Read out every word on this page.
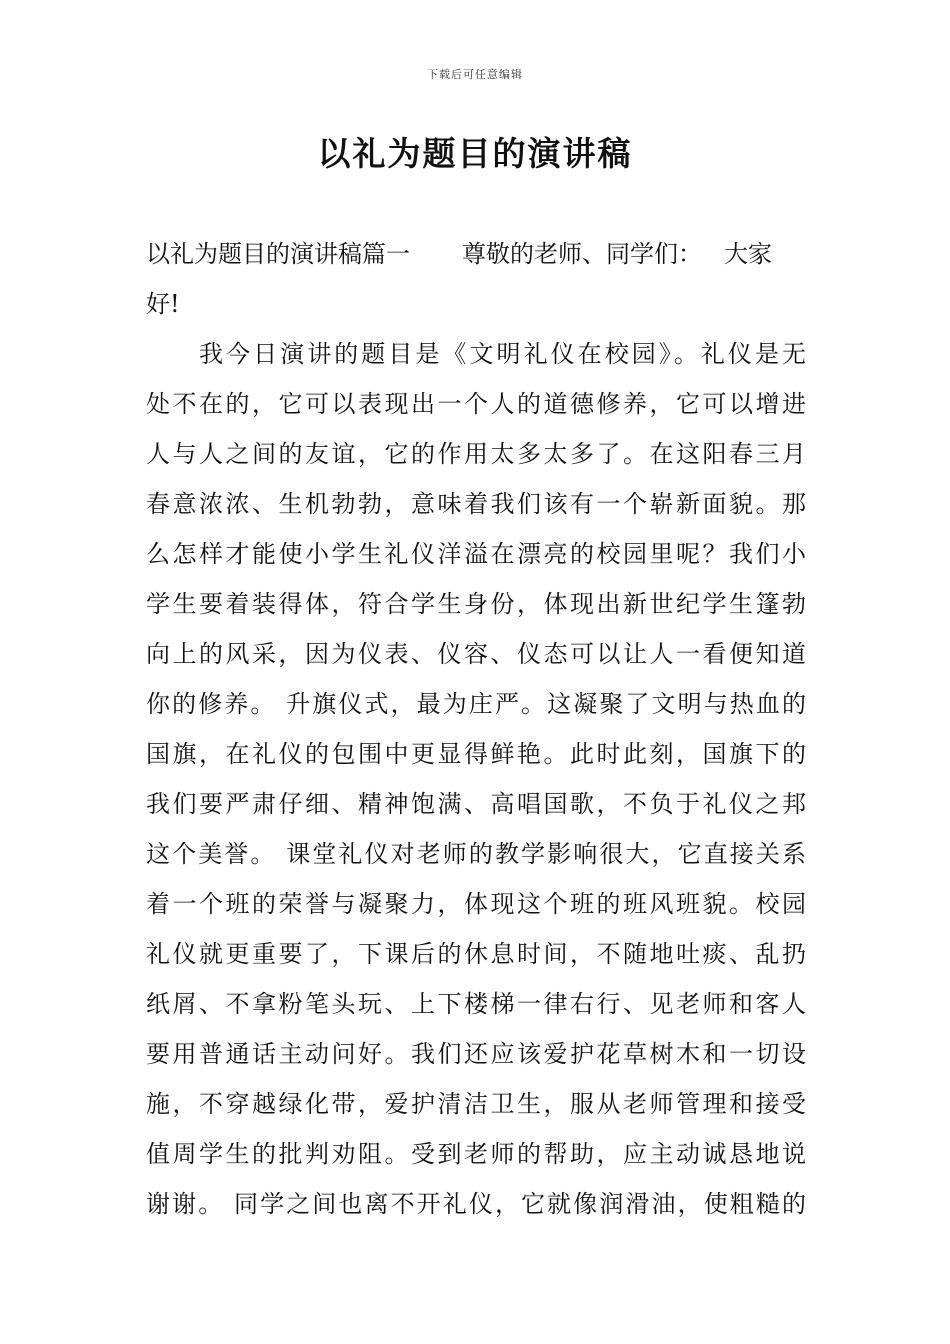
下载后可任意编辑
以礼为题目的演讲稿
以礼为题目的演讲稿篇一 尊敬的老师、同学们： 大家
好!
我今日演讲的题目是《文明礼仪在校园》。礼仪是无
处不在的，它可以表现出一个人的道德修养，它可以增进
人与人之间的友谊，它的作用太多太多了。在这阳春三月
春意浓浓、生机勃勃，意味着我们该有一个崭新面貌。那
么怎样才能使小学生礼仪洋溢在漂亮的校园里呢？我们小
学生要着装得体，符合学生身份，体现出新世纪学生篷勃
向上的风采，因为仪表、仪容、仪态可以让人一看便知道
你的修养。 升旗仪式，最为庄严。这凝聚了文明与热血的
国旗，在礼仪的包围中更显得鲜艳。此时此刻，国旗下的
我们要严肃仔细、精神饱满、高唱国歌，不负于礼仪之邦
这个美誉。 课堂礼仪对老师的教学影响很大，它直接关系
着一个班的荣誉与凝聚力，体现这个班的班风班貌。校园
礼仪就更重要了，下课后的休息时间，不随地吐痰、乱扔
纸屑、不拿粉笔头玩、上下楼梯一律右行、见老师和客人
要用普通话主动问好。我们还应该爱护花草树木和一切设
施，不穿越绿化带，爱护清洁卫生，服从老师管理和接受
值周学生的批判劝阻。受到老师的帮助，应主动诚恳地说
谢谢。 同学之间也离不开礼仪，它就像润滑油，使粗糙的
